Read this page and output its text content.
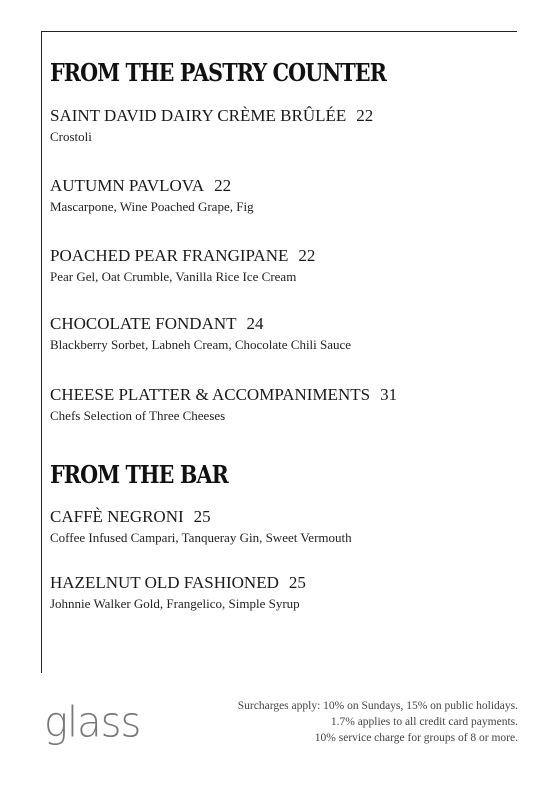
FROM THE PASTRY COUNTER
SAINT DAVID DAIRY CRÈME BRÛLÉE 22
Crostoli
AUTUMN PAVLOVA 22
Mascarpone, Wine Poached Grape, Fig
POACHED PEAR FRANGIPANE 22
Pear Gel, Oat Crumble, Vanilla Rice Ice Cream
CHOCOLATE FONDANT 24
Blackberry Sorbet, Labneh Cream, Chocolate Chili Sauce
CHEESE PLATTER & ACCOMPANIMENTS 31
Chefs Selection of Three Cheeses
FROM THE BAR
CAFFÈ NEGRONI 25
Coffee Infused Campari, Tanqueray Gin, Sweet Vermouth
HAZELNUT OLD FASHIONED 25
Johnnie Walker Gold, Frangelico, Simple Syrup
glass	Surcharges apply: 10% on Sundays, 15% on public holidays.
1.7% applies to all credit card payments.
10% service charge for groups of 8 or more.
